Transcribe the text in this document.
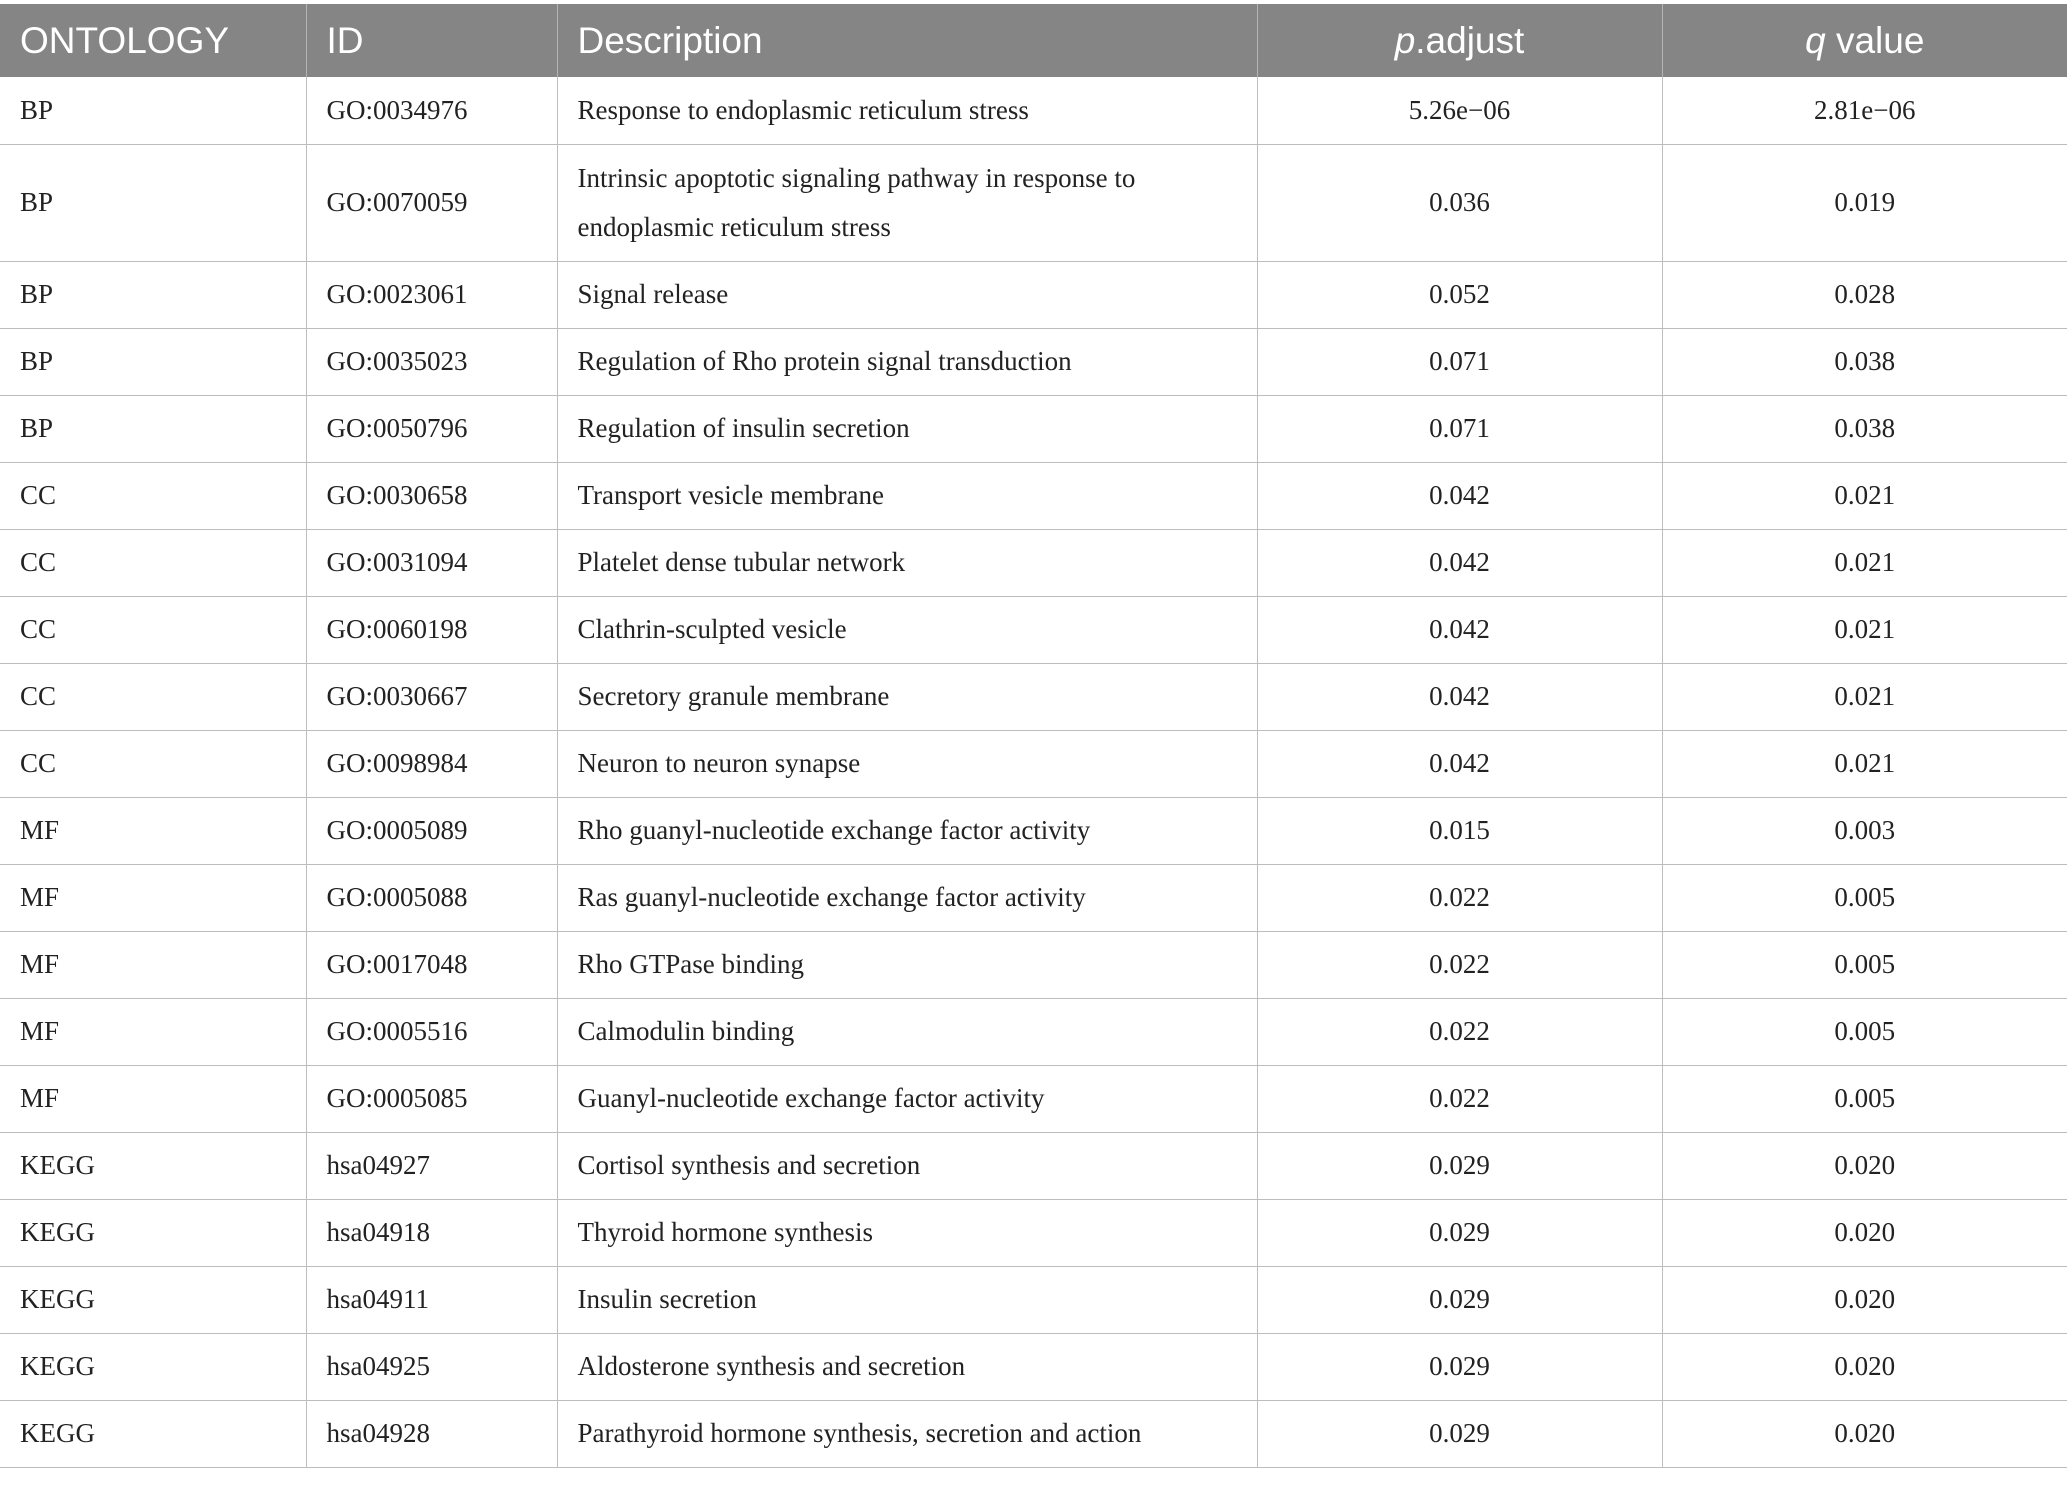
ONTOLOGY	ID	Description	p.adjust	q value
BP	GO:0034976	Response to endoplasmic reticulum stress	5.26e−06	2.81e−06
BP	GO:0070059	Intrinsic apoptotic signaling pathway in response to endoplasmic reticulum stress	0.036	0.019
BP	GO:0023061	Signal release	0.052	0.028
BP	GO:0035023	Regulation of Rho protein signal transduction	0.071	0.038
BP	GO:0050796	Regulation of insulin secretion	0.071	0.038
CC	GO:0030658	Transport vesicle membrane	0.042	0.021
CC	GO:0031094	Platelet dense tubular network	0.042	0.021
CC	GO:0060198	Clathrin-sculpted vesicle	0.042	0.021
CC	GO:0030667	Secretory granule membrane	0.042	0.021
CC	GO:0098984	Neuron to neuron synapse	0.042	0.021
MF	GO:0005089	Rho guanyl-nucleotide exchange factor activity	0.015	0.003
MF	GO:0005088	Ras guanyl-nucleotide exchange factor activity	0.022	0.005
MF	GO:0017048	Rho GTPase binding	0.022	0.005
MF	GO:0005516	Calmodulin binding	0.022	0.005
MF	GO:0005085	Guanyl-nucleotide exchange factor activity	0.022	0.005
KEGG	hsa04927	Cortisol synthesis and secretion	0.029	0.020
KEGG	hsa04918	Thyroid hormone synthesis	0.029	0.020
KEGG	hsa04911	Insulin secretion	0.029	0.020
KEGG	hsa04925	Aldosterone synthesis and secretion	0.029	0.020
KEGG	hsa04928	Parathyroid hormone synthesis, secretion and action	0.029	0.020
